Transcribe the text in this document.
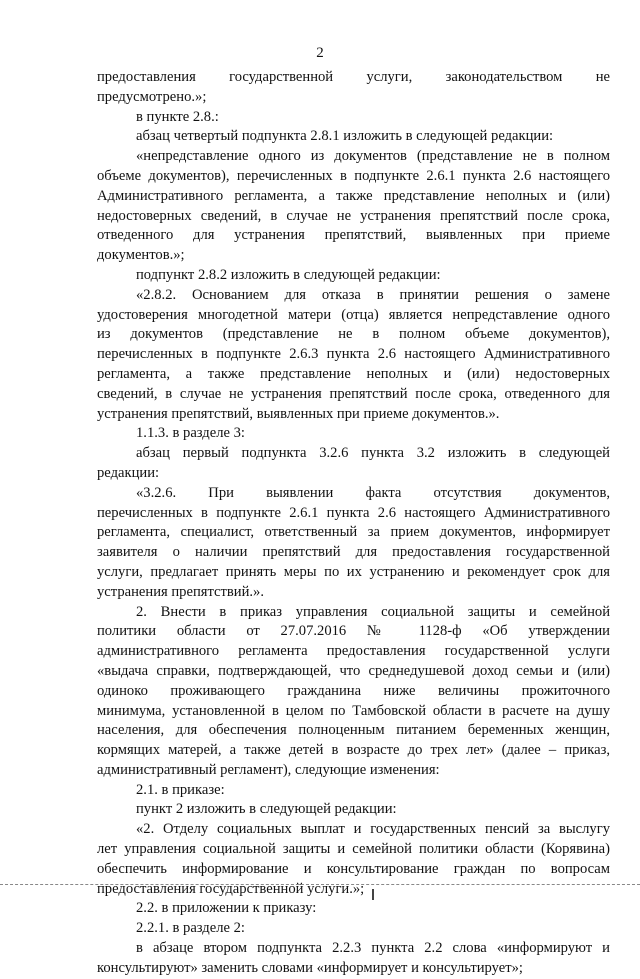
2
предоставления государственной услуги, законодательством не
предусмотрено.»;
в пункте 2.8.:
абзац четвертый подпункта 2.8.1 изложить в следующей редакции:
«непредставление одного из документов (представление не в полном
объеме документов), перечисленных в подпункте 2.6.1 пункта 2.6 настоящего
Административного регламента, а также представление неполных и (или)
недостоверных сведений, в случае не устранения препятствий после срока,
отведенного для устранения препятствий, выявленных при приеме
документов.»;
подпункт 2.8.2 изложить в следующей редакции:
«2.8.2. Основанием для отказа в принятии решения о замене
удостоверения многодетной матери (отца) является непредставление одного
из документов (представление не в полном объеме документов),
перечисленных в подпункте 2.6.3 пункта 2.6 настоящего Административного
регламента, а также представление неполных и (или) недостоверных
сведений, в случае не устранения препятствий после срока, отведенного для
устранения препятствий, выявленных при приеме документов.».
1.1.3. в разделе 3:
абзац первый подпункта 3.2.6 пункта 3.2 изложить в следующей
редакции:
«3.2.6. При выявлении факта отсутствия документов,
перечисленных в подпункте 2.6.1 пункта 2.6 настоящего Административного
регламента, специалист, ответственный за прием документов, информирует
заявителя о наличии препятствий для предоставления государственной
услуги, предлагает принять меры по их устранению и рекомендует срок для
устранения препятствий.».
2. Внести в приказ управления социальной защиты и семейной
политики области от 27.07.2016 № 1128-ф «Об утверждении
административного регламента предоставления государственной услуги
«выдача справки, подтверждающей, что среднедушевой доход семьи и (или)
одиноко проживающего гражданина ниже величины прожиточного
минимума, установленной в целом по Тамбовской области в расчете на душу
населения, для обеспечения полноценным питанием беременных женщин,
кормящих матерей, а также детей в возрасте до трех лет» (далее – приказ,
административный регламент), следующие изменения:
2.1. в приказе:
пункт 2 изложить в следующей редакции:
«2. Отделу социальных выплат и государственных пенсий за выслугу
лет управления социальной защиты и семейной политики области (Корявина)
обеспечить информирование и консультирование граждан по вопросам
предоставления государственной услуги.»;
2.2. в приложении к приказу:
2.2.1. в разделе 2:
в абзаце втором подпункта 2.2.3 пункта 2.2 слова «информируют и
консультируют» заменить словами «информирует и консультирует»;
